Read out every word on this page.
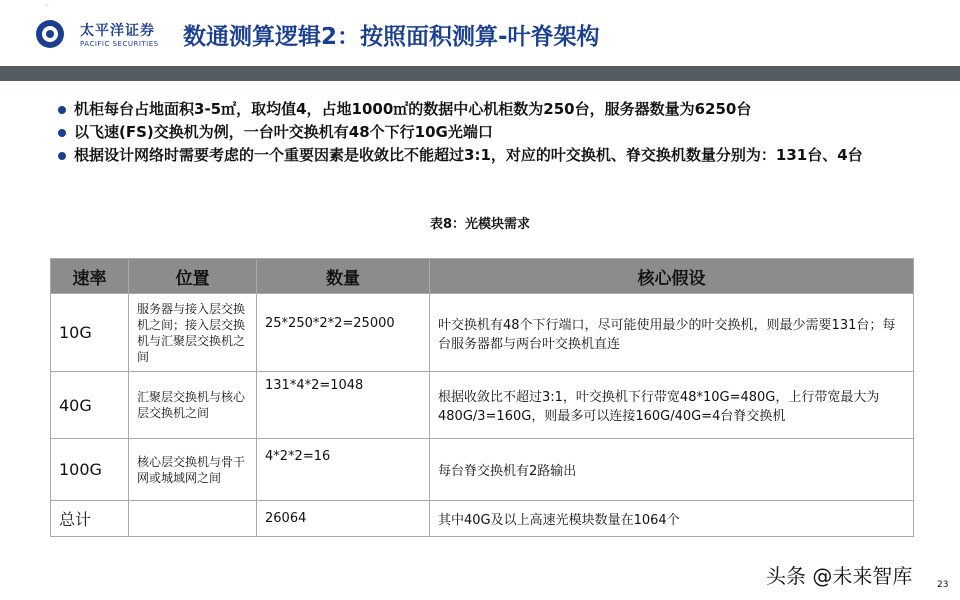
太平洋证券
PACIFIC SECURITIES 数通测算逻辑2：按照面积测算-叶脊架构
机柜每台占地面积3-5㎡，取均值4，占地1000㎡的数据中心机柜数为250台，服务器数量为6250台
以飞速(FS)交换机为例，一台叶交换机有48个下行10G光端口
根据设计网络时需要考虑的一个重要因素是收敛比不能超过3:1，对应的叶交换机、脊交换机数量分别为：131台、4台
表8：光模块需求
速率	位置	数量	核心假设
10G	服务器与接入层交换机之间；接入层交换机与汇聚层交换机之间	25*250*2*2=25000	叶交换机有48个下行端口，尽可能使用最少的叶交换机，则最少需要131台；每台服务器都与两台叶交换机直连
40G	汇聚层交换机与核心层交换机之间	131*4*2=1048	根据收敛比不超过3:1，叶交换机下行带宽48*10G=480G，上行带宽最大为480G/3=160G，则最多可以连接160G/40G=4台脊交换机
100G	核心层交换机与骨干网或城域网之间	4*2*2=16	每台脊交换机有2路输出
总计		26064	其中40G及以上高速光模块数量在1064个
头条 @未来智库	23
